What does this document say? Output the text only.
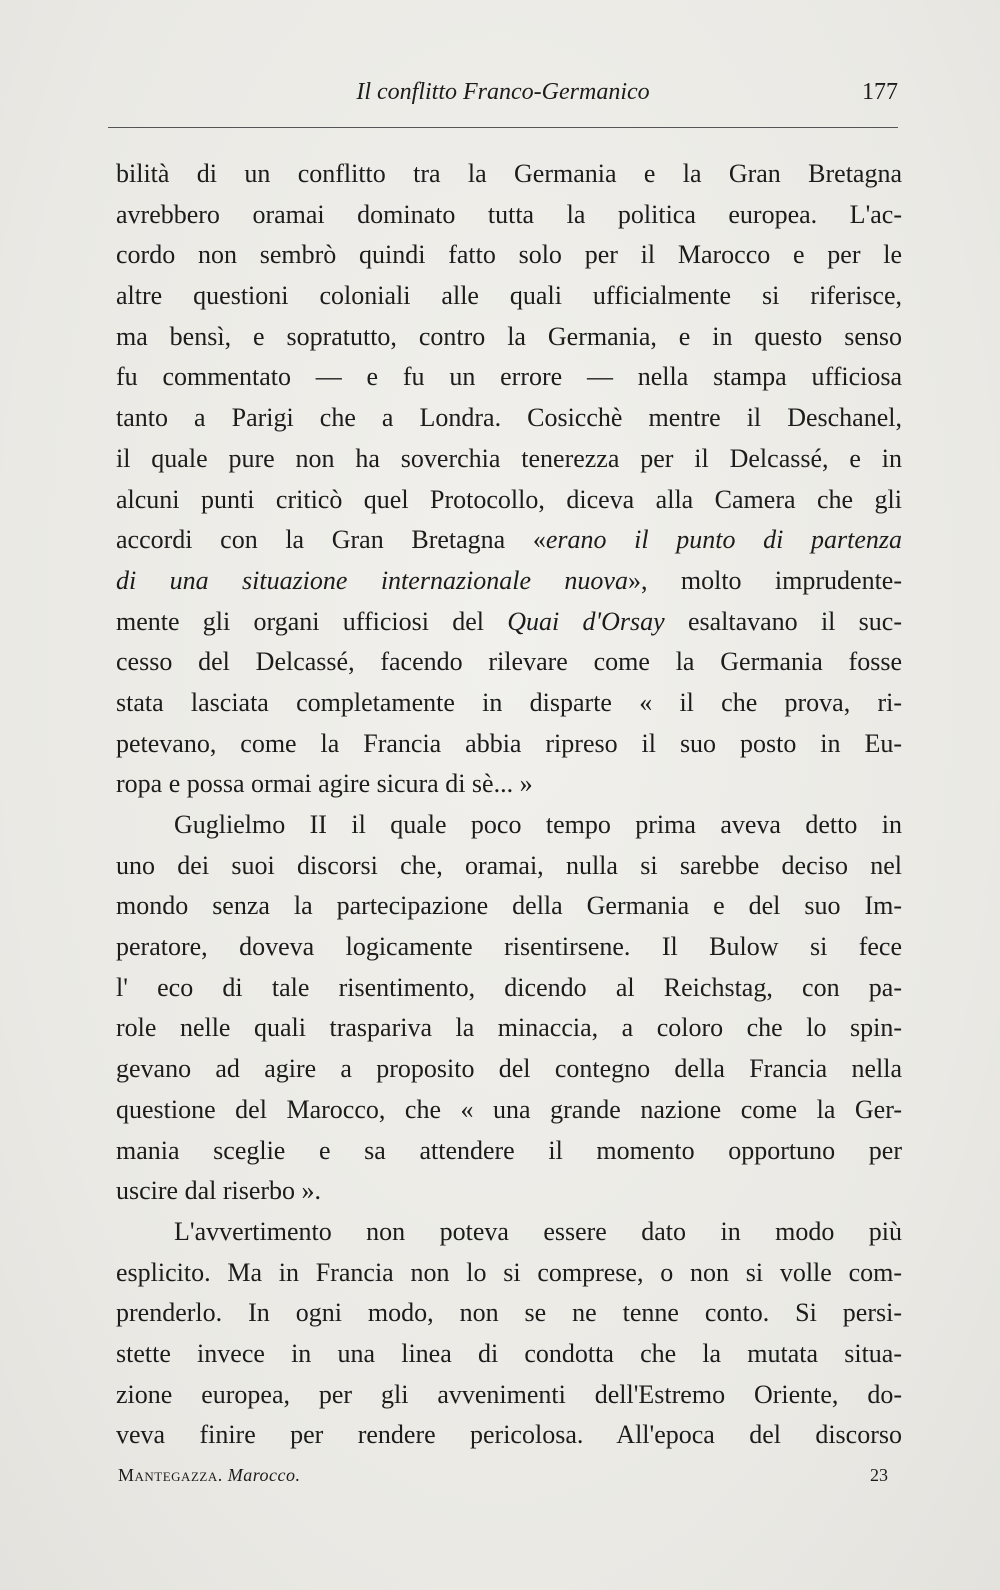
Il conflitto Franco-Germanico	177
bilità di un conflitto tra la Germania e la Gran Bretagna
avrebbero oramai dominato tutta la politica europea. L'ac-
cordo non sembrò quindi fatto solo per il Marocco e per le
altre questioni coloniali alle quali ufficialmente si riferisce,
ma bensì, e sopratutto, contro la Germania, e in questo senso
fu commentato — e fu un errore — nella stampa ufficiosa
tanto a Parigi che a Londra. Cosicchè mentre il Deschanel,
il quale pure non ha soverchia tenerezza per il Delcassé, e in
alcuni punti criticò quel Protocollo, diceva alla Camera che gli
accordi con la Gran Bretagna «erano il punto di partenza
di una situazione internazionale nuova», molto imprudente-
mente gli organi ufficiosi del Quai d'Orsay esaltavano il suc-
cesso del Delcassé, facendo rilevare come la Germania fosse
stata lasciata completamente in disparte « il che prova, ri-
petevano, come la Francia abbia ripreso il suo posto in Eu-
ropa e possa ormai agire sicura di sè... »
Guglielmo II il quale poco tempo prima aveva detto in
uno dei suoi discorsi che, oramai, nulla si sarebbe deciso nel
mondo senza la partecipazione della Germania e del suo Im-
peratore, doveva logicamente risentirsene. Il Bulow si fece
l' eco di tale risentimento, dicendo al Reichstag, con pa-
role nelle quali traspariva la minaccia, a coloro che lo spin-
gevano ad agire a proposito del contegno della Francia nella
questione del Marocco, che « una grande nazione come la Ger-
mania sceglie e sa attendere il momento opportuno per
uscire dal riserbo ».
L'avvertimento non poteva essere dato in modo più
esplicito. Ma in Francia non lo si comprese, o non si volle com-
prenderlo. In ogni modo, non se ne tenne conto. Si persi-
stette invece in una linea di condotta che la mutata situa-
zione europea, per gli avvenimenti dell'Estremo Oriente, do-
veva finire per rendere pericolosa. All'epoca del discorso
Mantegazza. Marocco.	23
